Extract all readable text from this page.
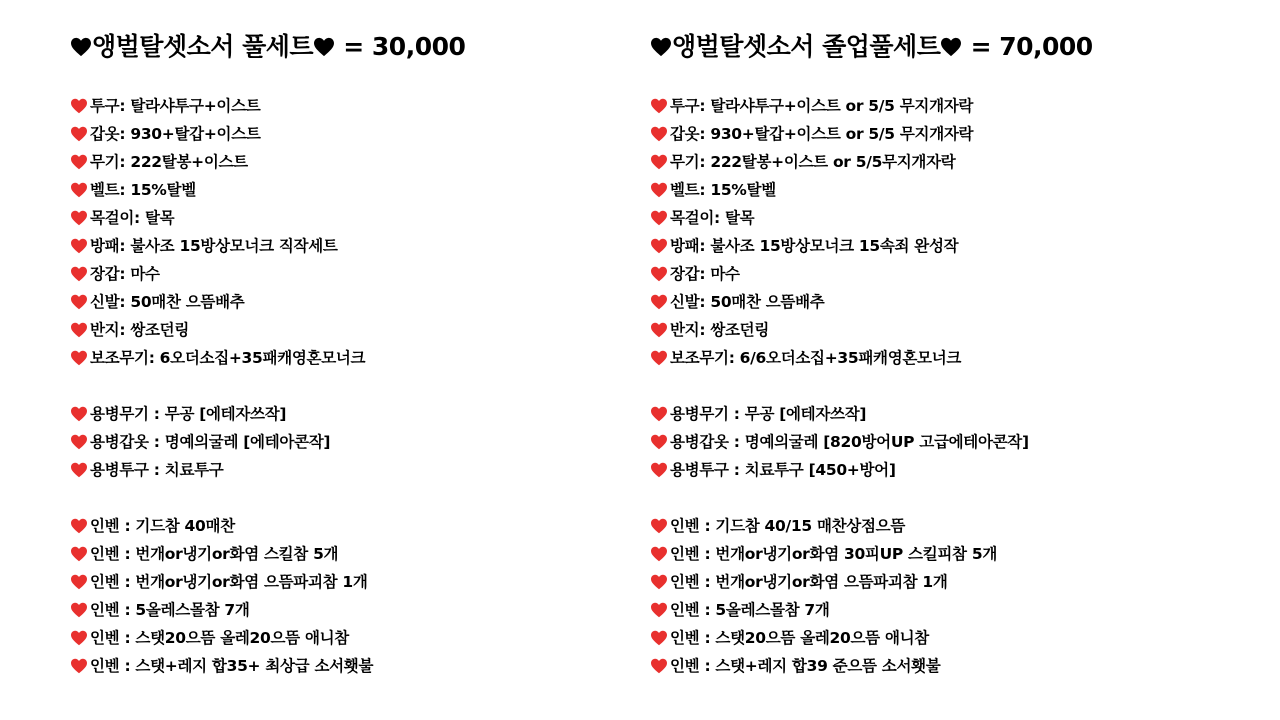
앵벌탈셋소서 풀세트
= 30,000
투구: 탈라샤투구+이스트
갑옷: 930+탈갑+이스트
무기: 222탈봉+이스트
벨트: 15%탈벨
목걸이: 탈목
방패: 불사조 15방상모너크 직작세트
장갑: 마수
신발: 50매찬 으뜸배추
반지: 쌍조던링
보조무기: 6오더소집+35패캐영혼모너크
용병무기 : 무공 [에테자쓰작]
용병갑옷 : 명예의굴레 [에테아콘작]
용병투구 : 치료투구
인벤 : 기드참 40매찬
인벤 : 번개or냉기or화염 스킬참 5개
인벤 : 번개or냉기or화염 으뜸파괴참 1개
인벤 : 5올레스몰참 7개
인벤 : 스탯20으뜸 올레20으뜸 애니참
인벤 : 스탯+레지 합35+ 최상급 소서횃불
앵벌탈셋소서 졸업풀세트
= 70,000
투구: 탈라샤투구+이스트 or 5/5 무지개자락
갑옷: 930+탈갑+이스트 or 5/5 무지개자락
무기: 222탈봉+이스트 or 5/5무지개자락
벨트: 15%탈벨
목걸이: 탈목
방패: 불사조 15방상모너크 15속죄 완성작
장갑: 마수
신발: 50매찬 으뜸배추
반지: 쌍조던링
보조무기: 6/6오더소집+35패캐영혼모너크
용병무기 : 무공 [에테자쓰작]
용병갑옷 : 명예의굴레 [820방어UP 고급에테아콘작]
용병투구 : 치료투구 [450+방어]
인벤 : 기드참 40/15 매찬상점으뜸
인벤 : 번개or냉기or화염 30피UP 스킬피참 5개
인벤 : 번개or냉기or화염 으뜸파괴참 1개
인벤 : 5올레스몰참 7개
인벤 : 스탯20으뜸 올레20으뜸 애니참
인벤 : 스탯+레지 합39 준으뜸 소서횃불
